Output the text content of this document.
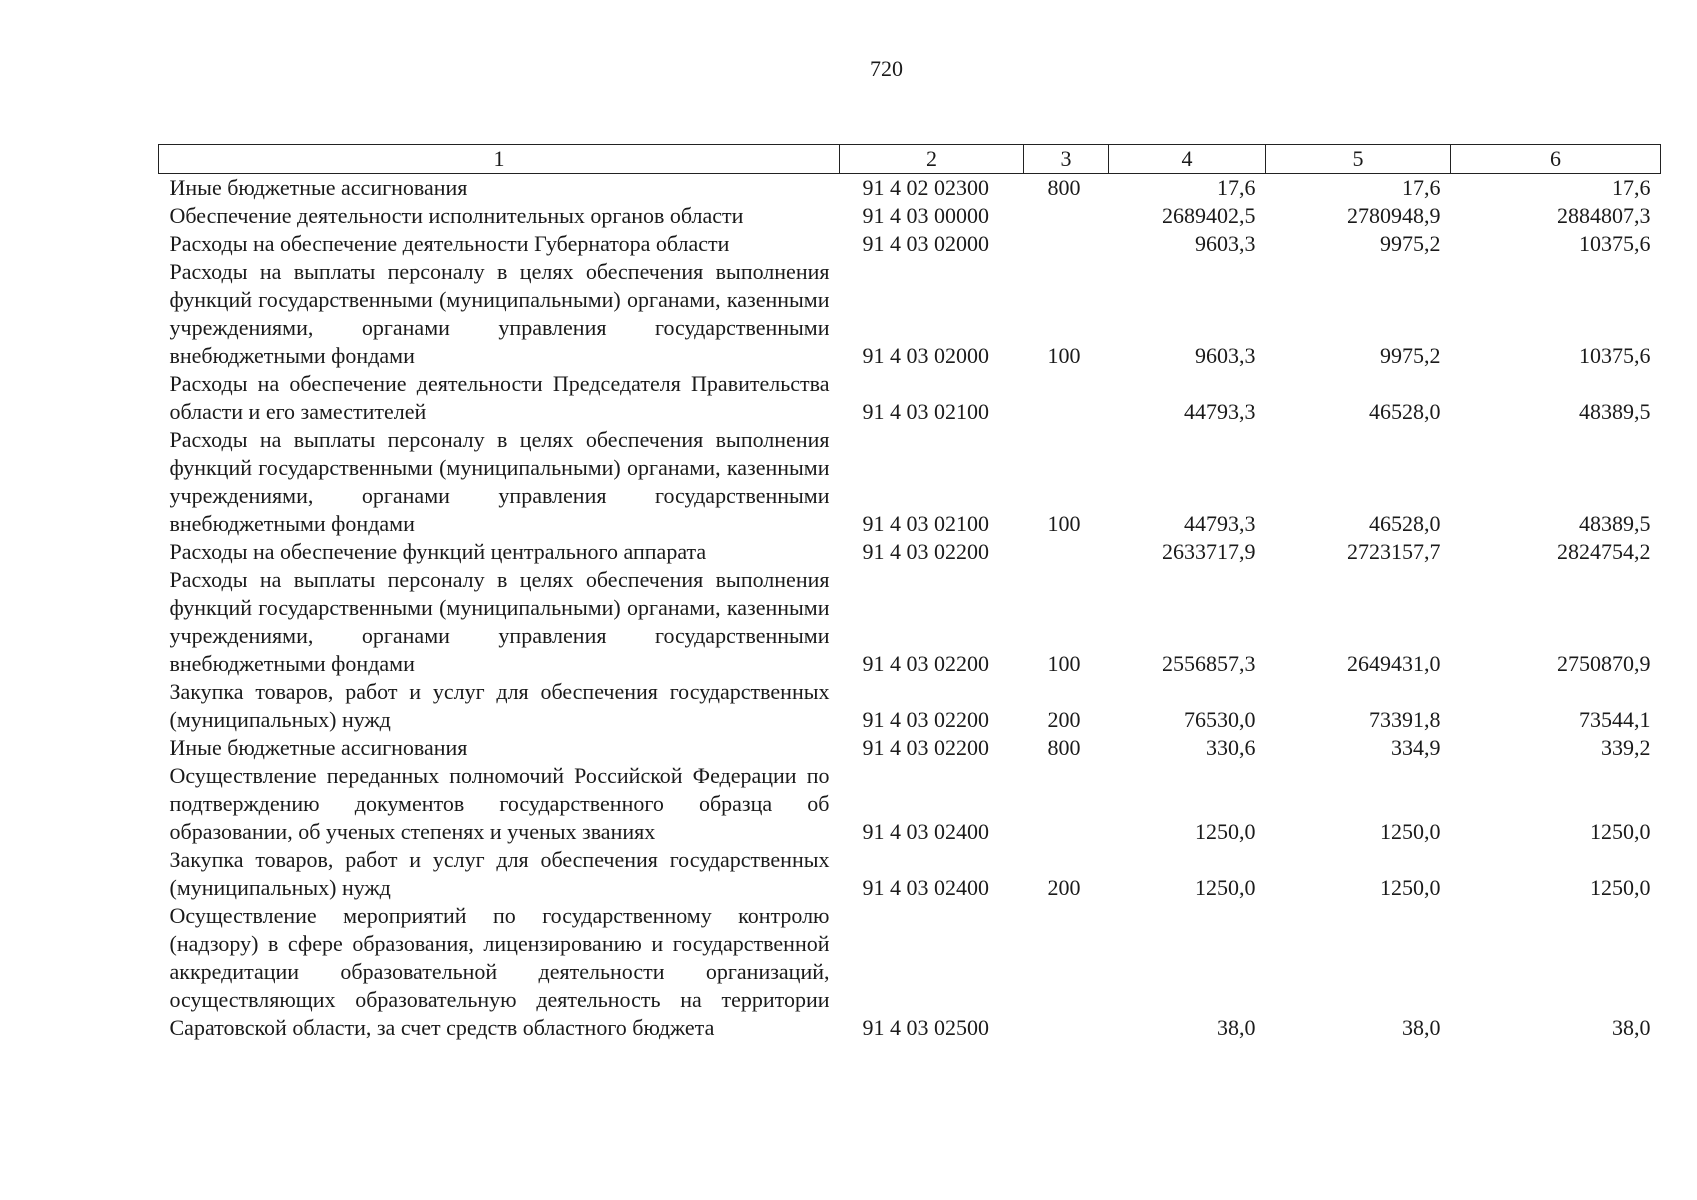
720
1	2	3	4	5	6
Иные бюджетные ассигнования	91 4 02 02300	800	17,6	17,6	17,6
Обеспечение деятельности исполнительных органов области	91 4 03 00000		2689402,5	2780948,9	2884807,3
Расходы на обеспечение деятельности Губернатора области	91 4 03 02000		9603,3	9975,2	10375,6
Расходы на выплаты персоналу в целях обеспечения выполнения функций государственными (муниципальными) органами, казенными учреждениями, органами управления государственными внебюджетными фондами	91 4 03 02000	100	9603,3	9975,2	10375,6
Расходы на обеспечение деятельности Председателя Правительства области и его заместителей	91 4 03 02100		44793,3	46528,0	48389,5
Расходы на выплаты персоналу в целях обеспечения выполнения функций государственными (муниципальными) органами, казенными учреждениями, органами управления государственными внебюджетными фондами	91 4 03 02100	100	44793,3	46528,0	48389,5
Расходы на обеспечение функций центрального аппарата	91 4 03 02200		2633717,9	2723157,7	2824754,2
Расходы на выплаты персоналу в целях обеспечения выполнения функций государственными (муниципальными) органами, казенными учреждениями, органами управления государственными внебюджетными фондами	91 4 03 02200	100	2556857,3	2649431,0	2750870,9
Закупка товаров, работ и услуг для обеспечения государственных (муниципальных) нужд	91 4 03 02200	200	76530,0	73391,8	73544,1
Иные бюджетные ассигнования	91 4 03 02200	800	330,6	334,9	339,2
Осуществление переданных полномочий Российской Федерации по подтверждению документов государственного образца об образовании, об ученых степенях и ученых званиях	91 4 03 02400		1250,0	1250,0	1250,0
Закупка товаров, работ и услуг для обеспечения государственных (муниципальных) нужд	91 4 03 02400	200	1250,0	1250,0	1250,0
Осуществление мероприятий по государственному контролю (надзору) в сфере образования, лицензированию и государственной аккредитации образовательной деятельности организаций, осуществляющих образовательную деятельность на территории Саратовской области, за счет средств областного бюджета	91 4 03 02500		38,0	38,0	38,0
